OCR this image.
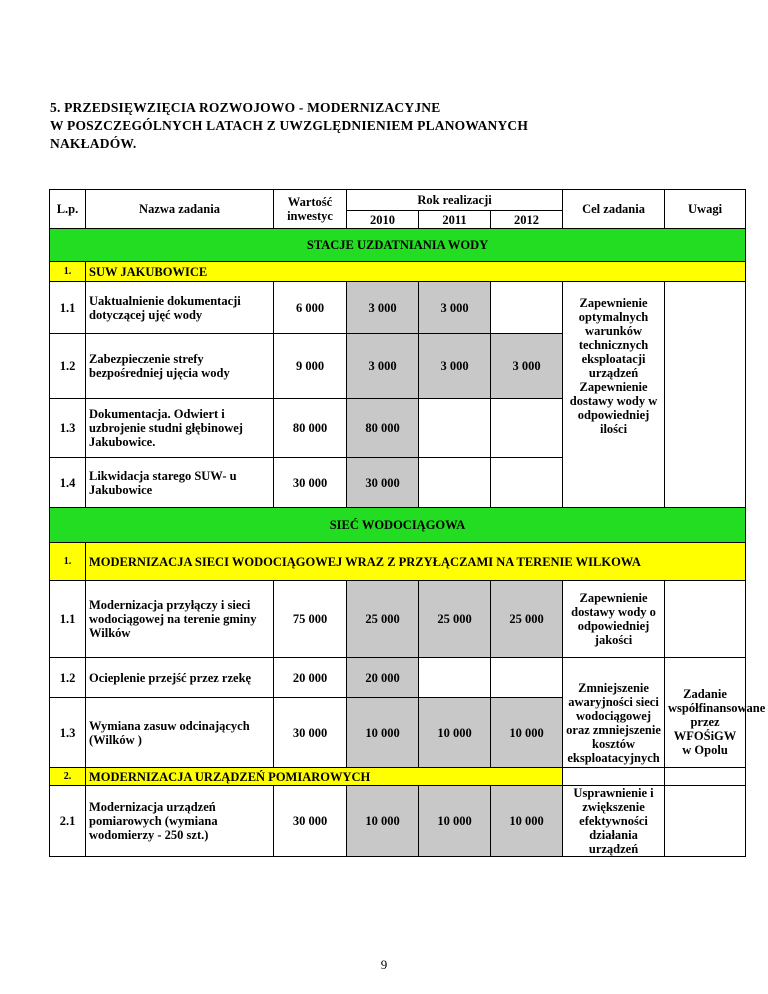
5. PRZEDSIĘWZIĘCIA ROZWOJOWO - MODERNIZACYJNE
W POSZCZEGÓLNYCH LATACH Z UWZGLĘDNIENIEM PLANOWANYCH
NAKŁADÓW.
L.p.	Nazwa zadania	Wartość
inwestyc	Rok realizacji			Cel zadania	Uwagi
			2010	2011	2012		
STACJE UZDATNIANIA WODY							
1.	SUW JAKUBOWICE						
1.1	Uaktualnienie dokumentacji dotyczącej ujęć wody	6 000	3 000	3 000		Zapewnienie optymalnych warunków technicznych eksploatacji urządzeń
Zapewnienie dostawy wody w odpowiedniej ilości	

1.2	Zabezpieczenie strefy bezpośredniej ujęcia wody	9 000	3 000	3 000	3 000		
1.3	Dokumentacja. Odwiert i uzbrojenie studni głębinowej Jakubowice.	80 000	80 000				
1.4	Likwidacja starego SUW- u Jakubowice	30 000	30 000				
SIEĆ WODOCIĄGOWA							
1.	MODERNIZACJA SIECI WODOCIĄGOWEJ WRAZ Z PRZYŁĄCZAMI NA TERENIE WILKOWA						
1.1	Modernizacja przyłączy i sieci wodociągowej na terenie gminy Wilków	75 000	25 000	25 000	25 000	Zapewnienie dostawy wody o odpowiedniej jakości	
1.2	Ocieplenie przejść przez rzekę	20 000	20 000			Zmniejszenie awaryjności sieci wodociągowej oraz zmniejszenie kosztów eksploatacyjnych	Zadanie współfinansowane przez WFOŚiGW w Opolu
1.3	Wymiana zasuw odcinających (Wilków )	30 000	10 000	10 000	10 000		
2.	MODERNIZACJA URZĄDZEŃ POMIAROWYCH						
2.1	Modernizacja urządzeń pomiarowych (wymiana wodomierzy - 250 szt.)	30 000	10 000	10 000	10 000	Usprawnienie i zwiększenie efektywności działania urządzeń	
9
